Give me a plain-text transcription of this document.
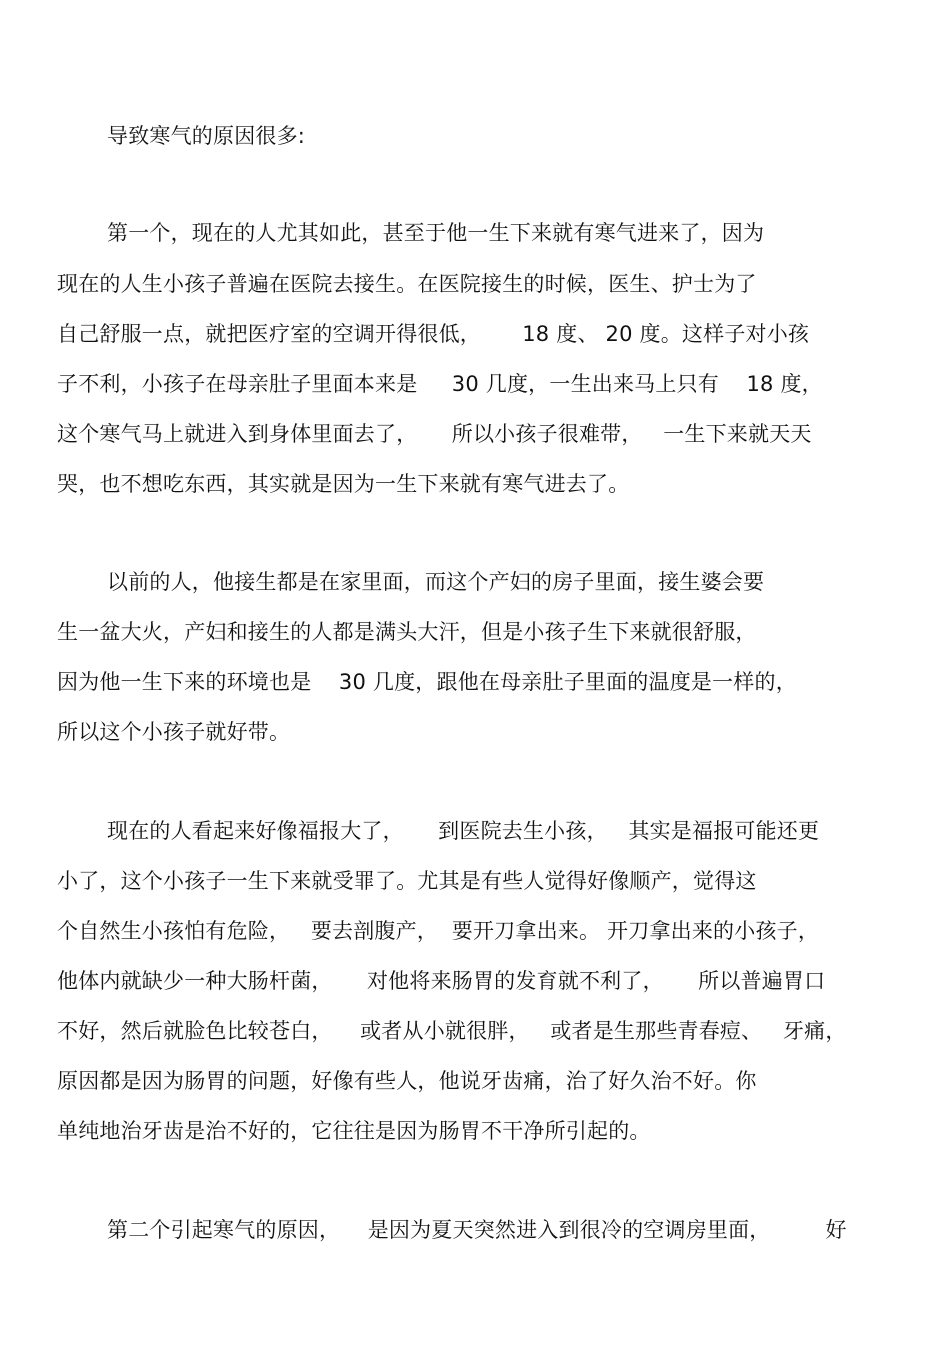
导致寒气的原因很多:
第一个，现在的人尤其如此，甚至于他一生下来就有寒气进来了，因为
现在的人生小孩子普遍在医院去接生。在医院接生的时候，医生、护士为了
自己舒服一点，就把医疗室的空调开得很低，      18 度、 20 度。这样子对小孩
子不利，小孩子在母亲肚子里面本来是     30 几度，一生出来马上只有    18 度，
这个寒气马上就进入到身体里面去了，     所以小孩子很难带，   一生下来就天天
哭，也不想吃东西，其实就是因为一生下来就有寒气进去了。
以前的人，他接生都是在家里面，而这个产妇的房子里面，接生婆会要
生一盆大火，产妇和接生的人都是满头大汗，但是小孩子生下来就很舒服，
因为他一生下来的环境也是    30 几度，跟他在母亲肚子里面的温度是一样的，
所以这个小孩子就好带。
现在的人看起来好像福报大了，     到医院去生小孩，   其实是福报可能还更
小了，这个小孩子一生下来就受罪了。尤其是有些人觉得好像顺产，觉得这
个自然生小孩怕有危险，   要去剖腹产，  要开刀拿出来。 开刀拿出来的小孩子，
他体内就缺少一种大肠杆菌，     对他将来肠胃的发育就不利了，     所以普遍胃口
不好，然后就脸色比较苍白，    或者从小就很胖，   或者是生那些青春痘、   牙痛，
原因都是因为肠胃的问题，好像有些人，他说牙齿痛，治了好久治不好。你
单纯地治牙齿是治不好的，它往往是因为肠胃不干净所引起的。
第二个引起寒气的原因，    是因为夏天突然进入到很冷的空调房里面，        好
